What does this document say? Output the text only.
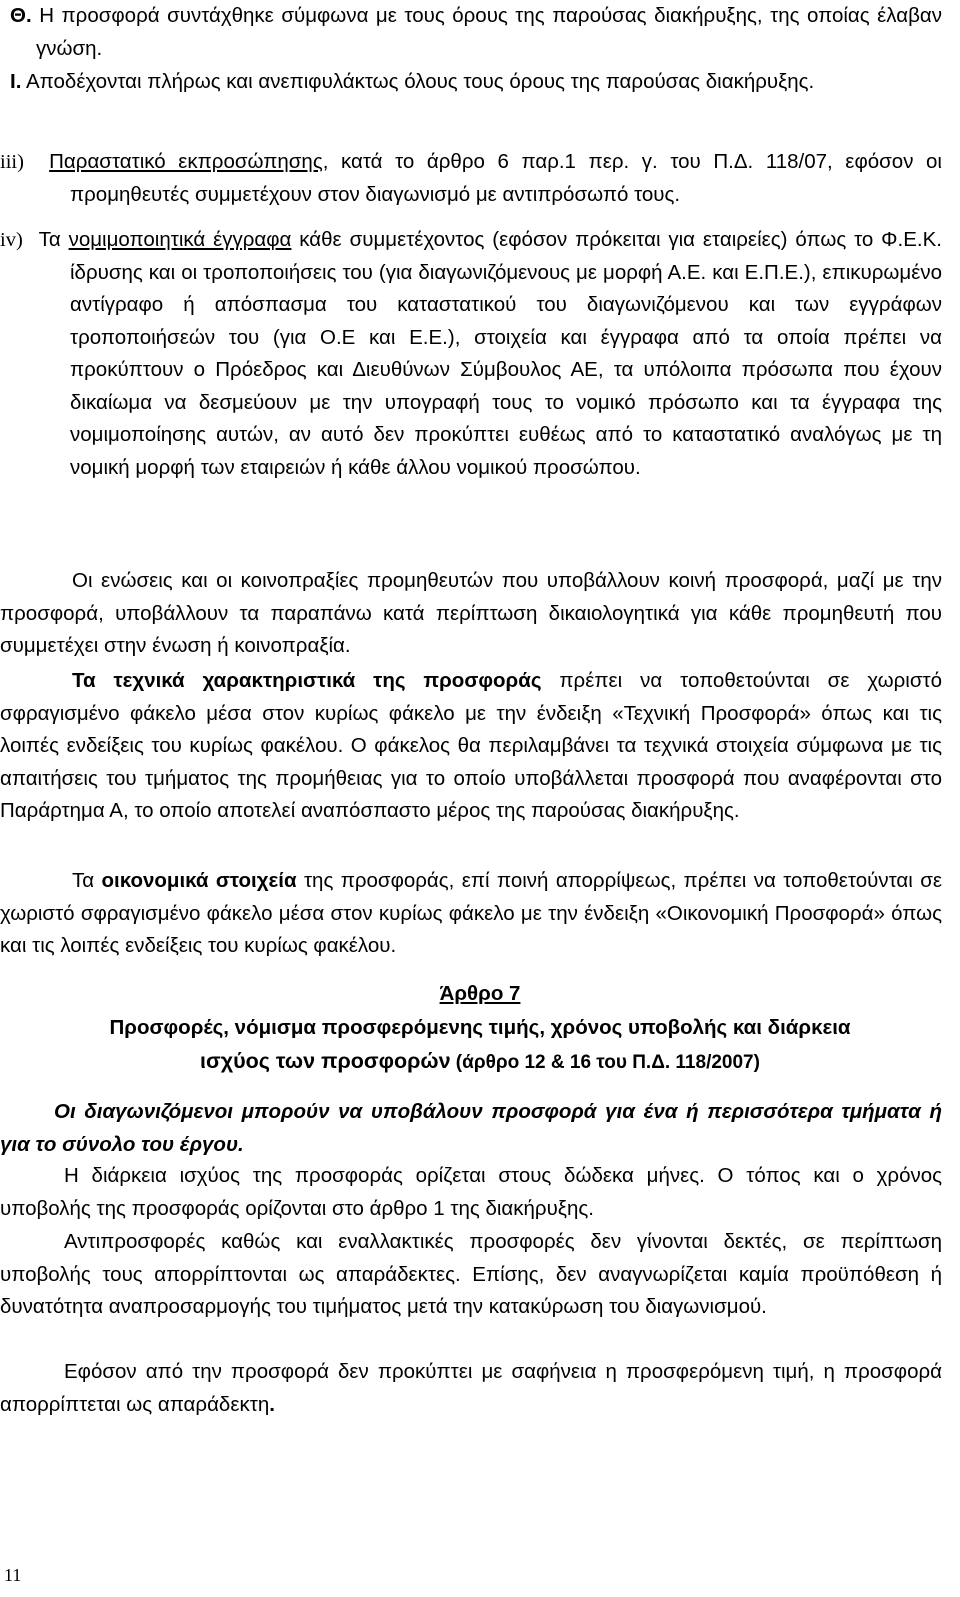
Θ. Η προσφορά συντάχθηκε σύμφωνα με τους όρους της παρούσας διακήρυξης, της οποίας έλαβαν γνώση.
Ι. Αποδέχονται πλήρως και ανεπιφυλάκτως όλους τους όρους της παρούσας διακήρυξης.
iii) Παραστατικό εκπροσώπησης, κατά το άρθρο 6 παρ.1 περ. γ. του Π.Δ. 118/07, εφόσον οι προμηθευτές συμμετέχουν στον διαγωνισμό με αντιπρόσωπό τους.
iv) Τα νομιμοποιητικά έγγραφα κάθε συμμετέχοντος (εφόσον πρόκειται για εταιρείες) όπως το Φ.Ε.Κ. ίδρυσης και οι τροποποιήσεις του (για διαγωνιζόμενους με μορφή Α.Ε. και Ε.Π.Ε.), επικυρωμένο αντίγραφο ή απόσπασμα του καταστατικού του διαγωνιζόμενου και των εγγράφων τροποποιήσεών του (για Ο.Ε και Ε.Ε.), στοιχεία και έγγραφα από τα οποία πρέπει να προκύπτουν ο Πρόεδρος και Διευθύνων Σύμβουλος ΑΕ, τα υπόλοιπα πρόσωπα που έχουν δικαίωμα να δεσμεύουν με την υπογραφή τους το νομικό πρόσωπο και τα έγγραφα της νομιμοποίησης αυτών, αν αυτό δεν προκύπτει ευθέως από το καταστατικό αναλόγως με τη νομική μορφή των εταιρειών ή κάθε άλλου νομικού προσώπου.
Οι ενώσεις και οι κοινοπραξίες προμηθευτών που υποβάλλουν κοινή προσφορά, μαζί με την προσφορά, υποβάλλουν τα παραπάνω κατά περίπτωση δικαιολογητικά για κάθε προμηθευτή που συμμετέχει στην ένωση ή κοινοπραξία.
Τα τεχνικά χαρακτηριστικά της προσφοράς πρέπει να τοποθετούνται σε χωριστό σφραγισμένο φάκελο μέσα στον κυρίως φάκελο με την ένδειξη «Τεχνική Προσφορά» όπως και τις λοιπές ενδείξεις του κυρίως φακέλου. Ο φάκελος θα περιλαμβάνει τα τεχνικά στοιχεία σύμφωνα με τις απαιτήσεις του τμήματος της προμήθειας για το οποίο υποβάλλεται προσφορά που αναφέρονται στο Παράρτημα Α, το οποίο αποτελεί αναπόσπαστο μέρος της παρούσας διακήρυξης.
Τα οικονομικά στοιχεία της προσφοράς, επί ποινή απορρίψεως, πρέπει να τοποθετούνται σε χωριστό σφραγισμένο φάκελο μέσα στον κυρίως φάκελο με την ένδειξη «Οικονομική Προσφορά» όπως και τις λοιπές ενδείξεις του κυρίως φακέλου.
Άρθρο 7
Προσφορές, νόμισμα προσφερόμενης τιμής, χρόνος υποβολής και διάρκεια
ισχύος των προσφορών (άρθρο 12 & 16 του Π.Δ. 118/2007)
Οι διαγωνιζόμενοι μπορούν να υποβάλουν προσφορά για ένα ή περισσότερα τμήματα ή για το σύνολο του έργου.
Η διάρκεια ισχύος της προσφοράς ορίζεται στους δώδεκα μήνες. Ο τόπος και ο χρόνος υποβολής της προσφοράς ορίζονται στο άρθρο 1 της διακήρυξης.
Αντιπροσφορές καθώς και εναλλακτικές προσφορές δεν γίνονται δεκτές, σε περίπτωση υποβολής τους απορρίπτονται ως απαράδεκτες. Επίσης, δεν αναγνωρίζεται καμία προϋπόθεση ή δυνατότητα αναπροσαρμογής του τιμήματος μετά την κατακύρωση του διαγωνισμού.
Εφόσον από την προσφορά δεν προκύπτει με σαφήνεια η προσφερόμενη τιμή, η προσφορά απορρίπτεται ως απαράδεκτη.
11
